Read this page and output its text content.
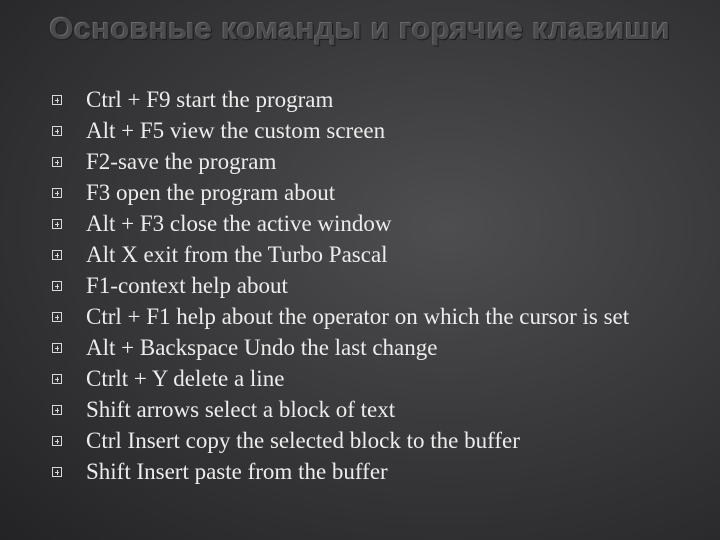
Основные команды и горячие клавиши
Ctrl + F9 start the program
Alt + F5 view the custom screen
F2-save the program
F3 open the program about
Alt + F3 close the active window
Alt X exit from the Turbo Pascal
F1-context help about
Ctrl + F1 help about the operator on which the cursor is set
Alt + Backspace Undo the last change
Ctrlt + Y delete a line
Shift arrows select a block of text
Ctrl Insert copy the selected block to the buffer
Shift Insert paste from the buffer
